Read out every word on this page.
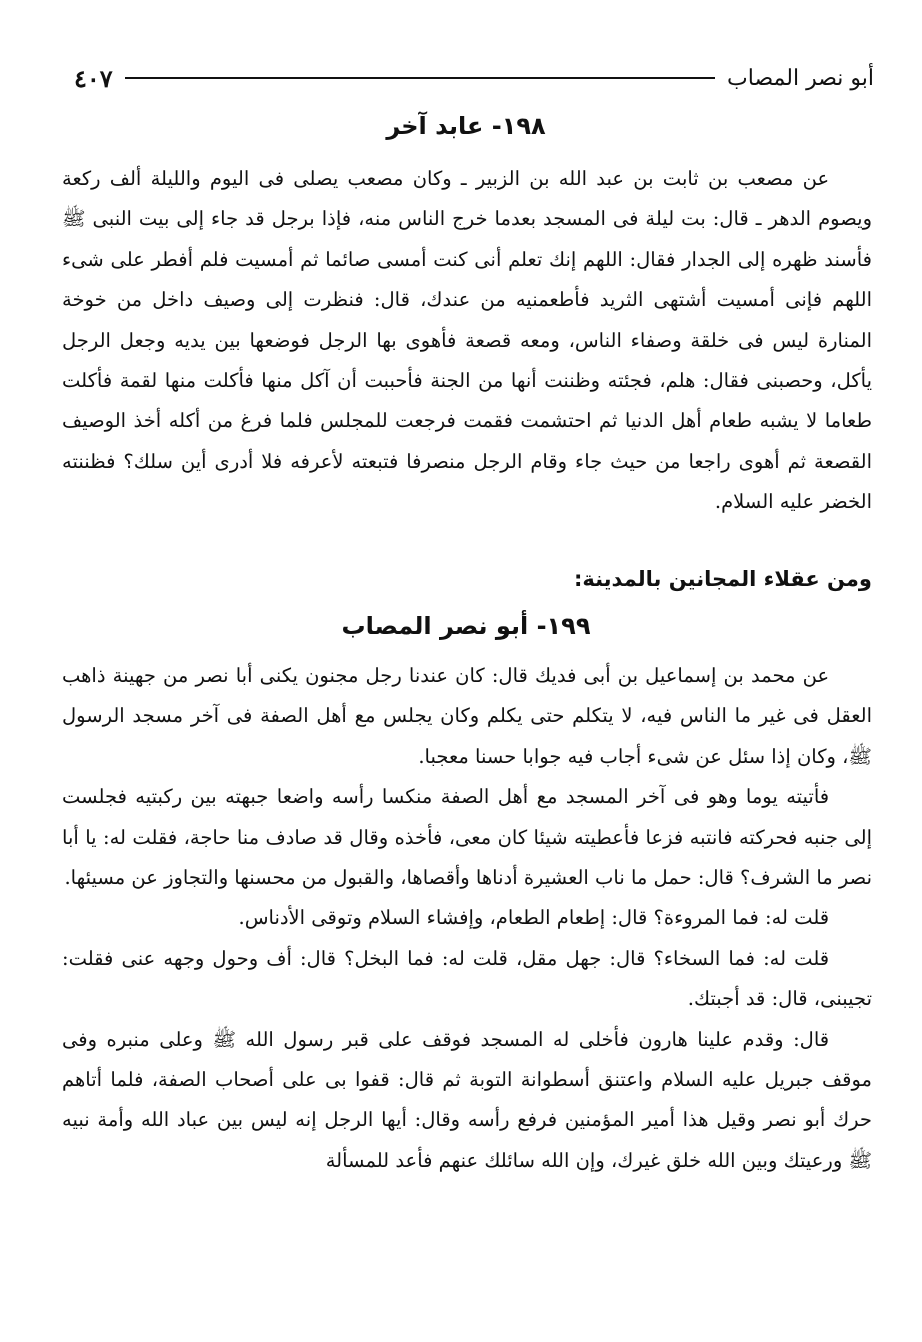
أبو نصر المصاب
٤٠٧
١٩٨- عابد آخر

عن مصعب بن ثابت بن عبد الله بن الزبير ـ وكان مصعب يصلى فى اليوم والليلة ألف ركعة ويصوم الدهر ـ قال: بت ليلة فى المسجد بعدما خرج الناس منه، فإذا برجل قد جاء إلى بيت النبى ﷺ فأسند ظهره إلى الجدار فقال: اللهم إنك تعلم أنى كنت أمسى صائما ثم أمسيت فلم أفطر على شىء اللهم فإنى أمسيت أشتهى الثريد فأطعمنيه من عندك، قال: فنظرت إلى وصيف داخل من خوخة المنارة ليس فى خلقة وصفاء الناس، ومعه قصعة فأهوى بها الرجل فوضعها بين يديه وجعل الرجل يأكل، وحصبنى فقال: هلم، فجئته وظننت أنها من الجنة فأحببت أن آكل منها فأكلت منها لقمة فأكلت طعاما لا يشبه طعام أهل الدنيا ثم احتشمت فقمت فرجعت للمجلس فلما فرغ من أكله أخذ الوصيف القصعة ثم أهوى راجعا من حيث جاء وقام الرجل منصرفا فتبعته لأعرفه فلا أدرى أين سلك؟ فظننته الخضر عليه السلام.

ومن عقلاء المجانين بالمدينة:
١٩٩- أبو نصر المصاب

عن محمد بن إسماعيل بن أبى فديك قال: كان عندنا رجل مجنون يكنى أبا نصر من جهينة ذاهب العقل فى غير ما الناس فيه، لا يتكلم حتى يكلم وكان يجلس مع أهل الصفة فى آخر مسجد الرسول ﷺ، وكان إذا سئل عن شىء أجاب فيه جوابا حسنا معجبا.

فأتيته يوما وهو فى آخر المسجد مع أهل الصفة منكسا رأسه واضعا جبهته بين ركبتيه فجلست إلى جنبه فحركته فانتبه فزعا فأعطيته شيئا كان معى، فأخذه وقال قد صادف منا حاجة، فقلت له: يا أبا نصر ما الشرف؟ قال: حمل ما ناب العشيرة أدناها وأقصاها، والقبول من محسنها والتجاوز عن مسيئها.

قلت له: فما المروءة؟ قال: إطعام الطعام، وإفشاء السلام وتوقى الأدناس.

قلت له: فما السخاء؟ قال: جهل مقل، قلت له: فما البخل؟ قال: أف وحول وجهه عنى فقلت: تجيبنى، قال: قد أجبتك.

قال: وقدم علينا هارون فأخلى له المسجد فوقف على قبر رسول الله ﷺ وعلى منبره وفى موقف جبريل عليه السلام واعتنق أسطوانة التوبة ثم قال: قفوا بى على أصحاب الصفة، فلما أتاهم حرك أبو نصر وقيل هذا أمير المؤمنين فرفع رأسه وقال: أيها الرجل إنه ليس بين عباد الله وأمة نبيه ﷺ ورعيتك وبين الله خلق غيرك، وإن الله سائلك عنهم فأعد للمسألة
